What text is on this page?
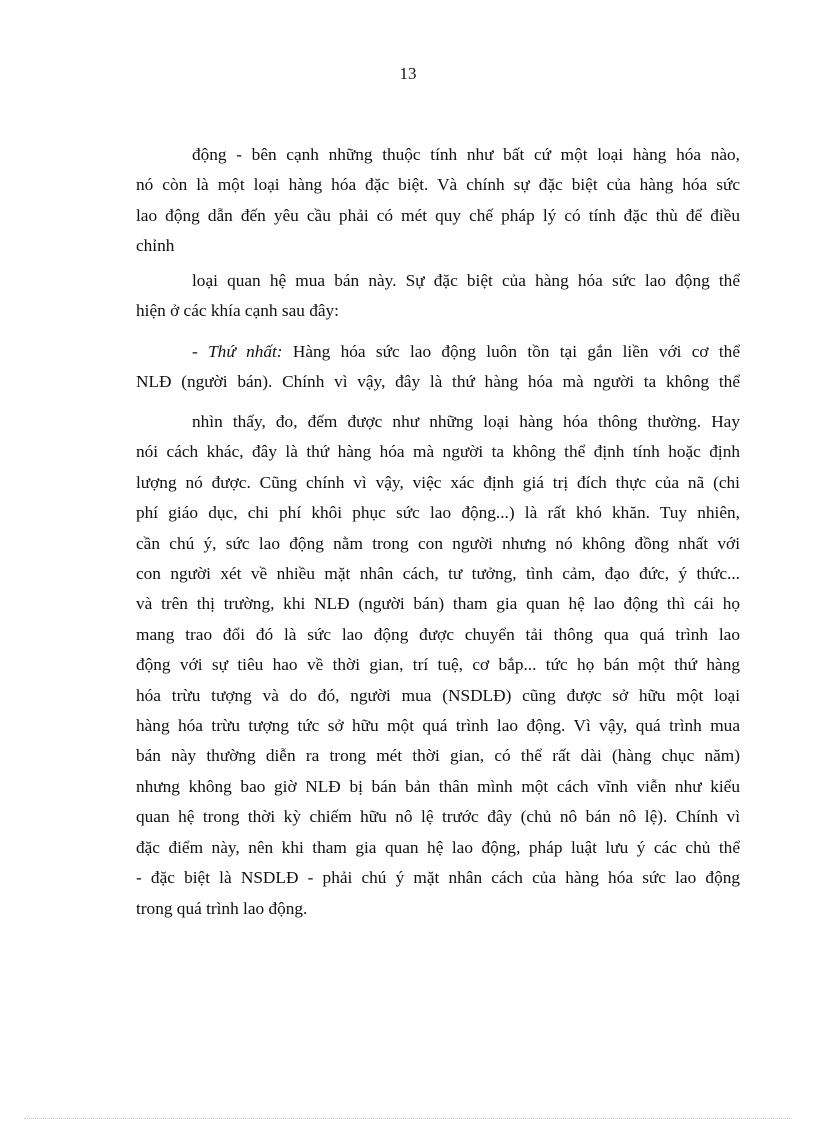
13
động - bên cạnh những thuộc tính như bất cứ một loại hàng hóa nào,
nó còn là một loại hàng hóa đặc biệt. Và chính sự đặc biệt của hàng hóa sức
lao động dẫn đến yêu cầu phải có mét quy chế pháp lý có tính đặc thù để điều
chỉnh
loại quan hệ mua bán này. Sự đặc biệt của hàng hóa sức lao động thể
hiện ở các khía cạnh sau đây:
- Thứ nhất: Hàng hóa sức lao động luôn tồn tại gắn liền với cơ thể
NLĐ (người bán). Chính vì vậy, đây là thứ hàng hóa mà người ta không thể
nhìn thấy, đo, đếm được như những loại hàng hóa thông thường. Hay
nói cách khác, đây là thứ hàng hóa mà người ta không thể định tính hoặc định
lượng nó được. Cũng chính vì vậy, việc xác định giá trị đích thực của nã (chi
phí giáo dục, chi phí khôi phục sức lao động...) là rất khó khăn. Tuy nhiên,
cần chú ý, sức lao động nằm trong con người nhưng nó không đồng nhất với
con người xét về nhiều mặt nhân cách, tư tưởng, tình cảm, đạo đức, ý thức...
và trên thị trường, khi NLĐ (người bán) tham gia quan hệ lao động thì cái họ
mang trao đổi đó là sức lao động được chuyển tải thông qua quá trình lao
động với sự tiêu hao về thời gian, trí tuệ, cơ bắp... tức họ bán một thứ hàng
hóa trừu tượng và do đó, người mua (NSDLĐ) cũng được sở hữu một loại
hàng hóa trừu tượng tức sở hữu một quá trình lao động. Vì vậy, quá trình mua
bán này thường diễn ra trong mét thời gian, có thể rất dài (hàng chục năm)
nhưng không bao giờ NLĐ bị bán bản thân mình một cách vĩnh viễn như kiểu
quan hệ trong thời kỳ chiếm hữu nô lệ trước đây (chủ nô bán nô lệ). Chính vì
đặc điểm này, nên khi tham gia quan hệ lao động, pháp luật lưu ý các chủ thể
- đặc biệt là NSDLĐ - phải chú ý mặt nhân cách của hàng hóa sức lao động
trong quá trình lao động.
